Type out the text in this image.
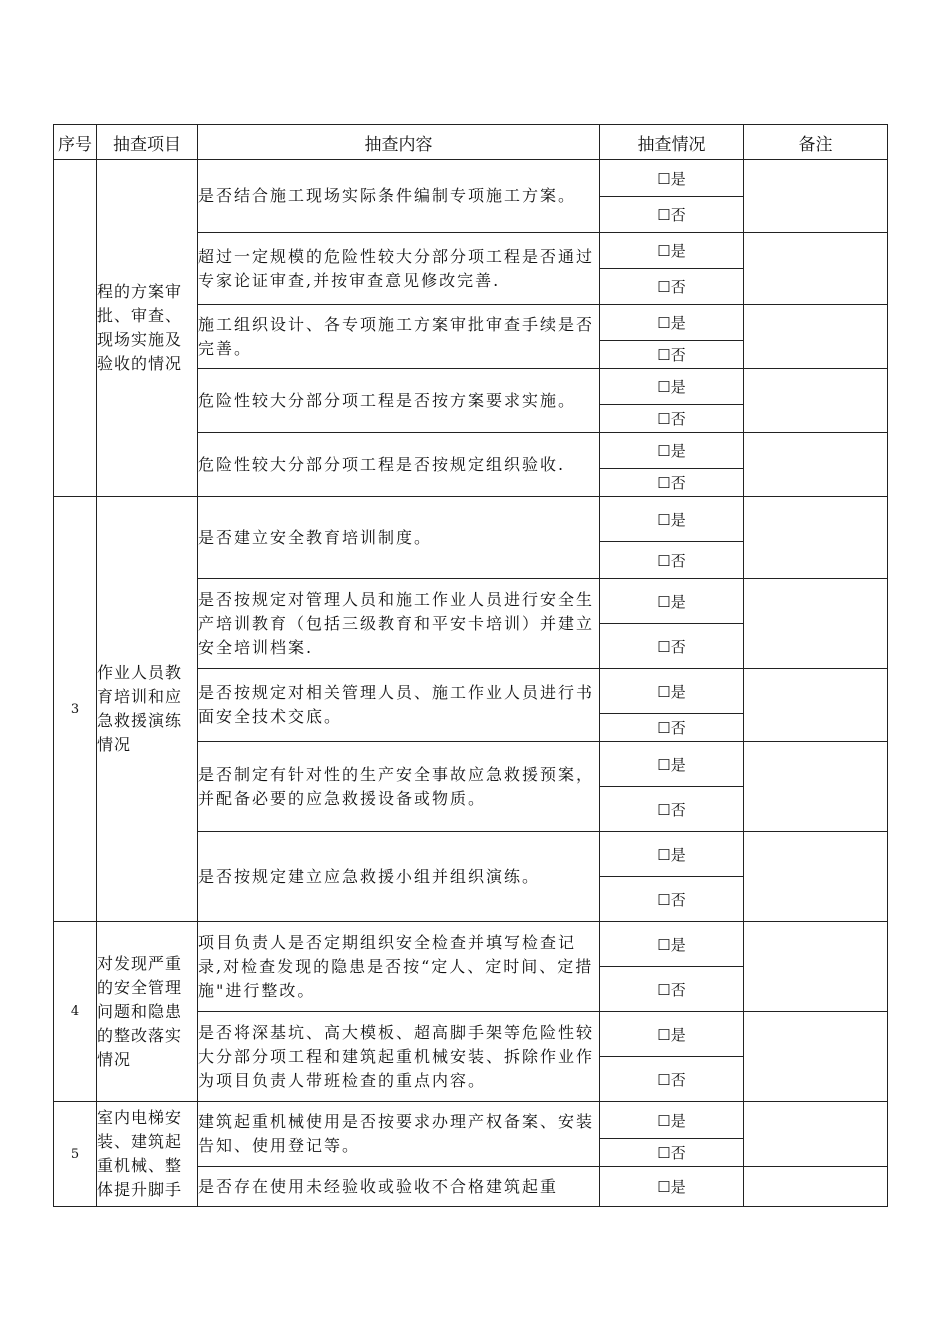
序号	抽查项目	抽查内容	抽查情况	备注
	程的方案审批、审查、现场实施及验收的情况	是否结合施工现场实际条件编制专项施工方案。	☐是	
			☐否	
		超过一定规模的危险性较大分部分项工程是否通过专家论证审查,并按审查意见修改完善.	☐是	
			☐否	
		施工组织设计、各专项施工方案审批审查手续是否完善。	☐是	
			☐否	
		危险性较大分部分项工程是否按方案要求实施。	☐是	
			☐否	
		危险性较大分部分项工程是否按规定组织验收.	☐是	
			☐否	
3	作业人员教育培训和应急救援演练情况	是否建立安全教育培训制度。	☐是	
			☐否	
		是否按规定对管理人员和施工作业人员进行安全生产培训教育（包括三级教育和平安卡培训）并建立安全培训档案.	☐是	
			☐否	
		是否按规定对相关管理人员、施工作业人员进行书面安全技术交底。	☐是	
			☐否	
		是否制定有针对性的生产安全事故应急救援预案，并配备必要的应急救援设备或物质。	☐是	
			☐否	
		是否按规定建立应急救援小组并组织演练。	☐是	
			☐否	
4	对发现严重的安全管理问题和隐患的整改落实情况	项目负责人是否定期组织安全检查并填写检查记录,对检查发现的隐患是否按“定人、定时间、定措施"进行整改。	☐是	
			☐否	
		是否将深基坑、高大模板、超高脚手架等危险性较大分部分项工程和建筑起重机械安装、拆除作业作为项目负责人带班检查的重点内容。	☐是	
			☐否	
5	室内电梯安装、建筑起重机械、整体提升脚手	建筑起重机械使用是否按要求办理产权备案、安装告知、使用登记等。	☐是	
			☐否	
		是否存在使用未经验收或验收不合格建筑起重	☐是	
